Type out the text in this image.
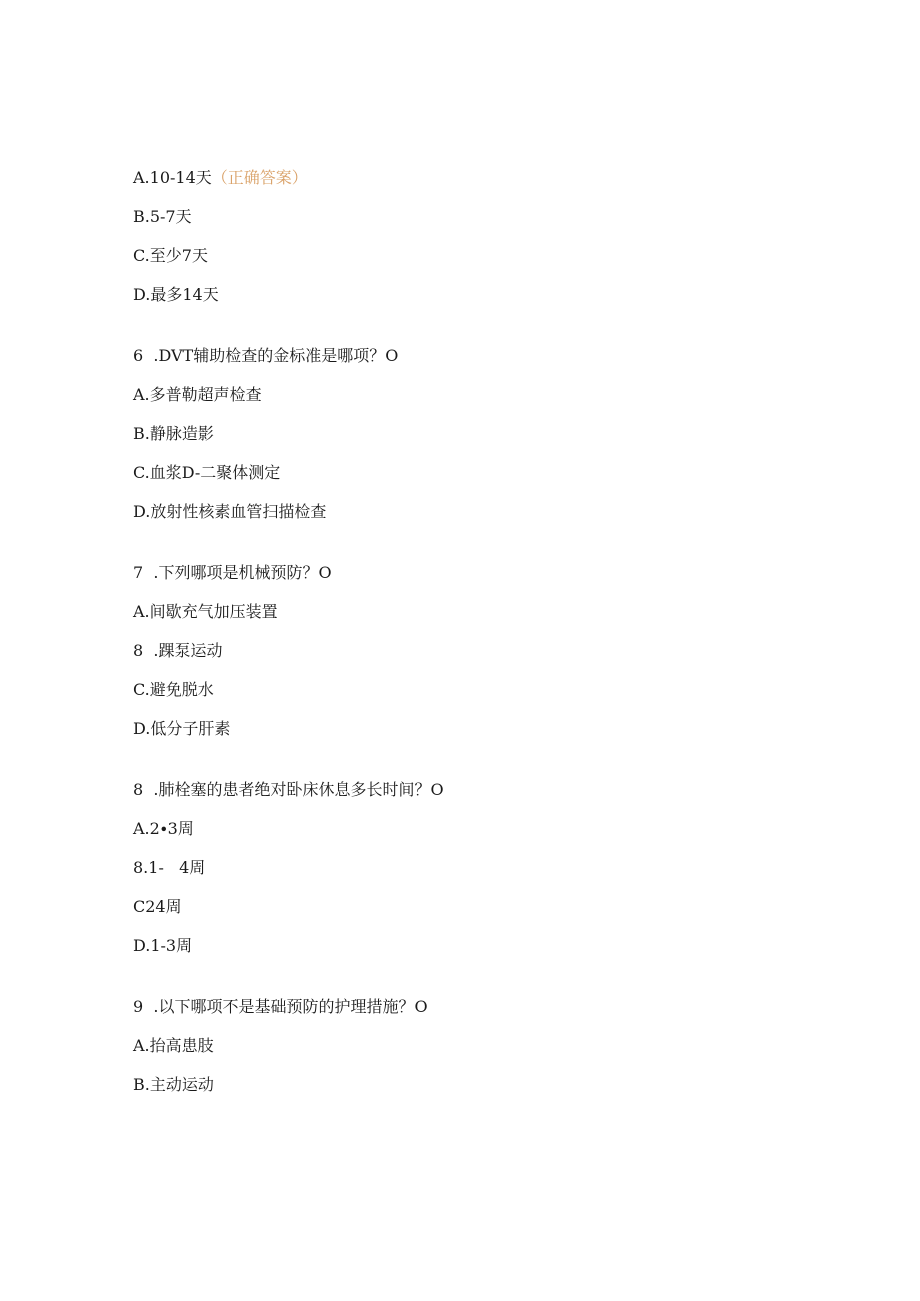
A.10-14天（正确答案）
B.5-7天
C.至少7天
D.最多14天
6  .DVT辅助检查的金标准是哪项？O
A.多普勒超声检查
B.静脉造影
C.血浆D-二聚体测定
D.放射性核素血管扫描检查
7  .下列哪项是机械预防？O
A.间歇充气加压装置
8  .踝泵运动
C.避免脱水
D.低分子肝素
8  .肺栓塞的患者绝对卧床休息多长时间？O
A.2∙3周
8.1-   4周
C24周
D.1-3周
9  .以下哪项不是基础预防的护理措施？O
A.抬高患肢
B.主动运动
